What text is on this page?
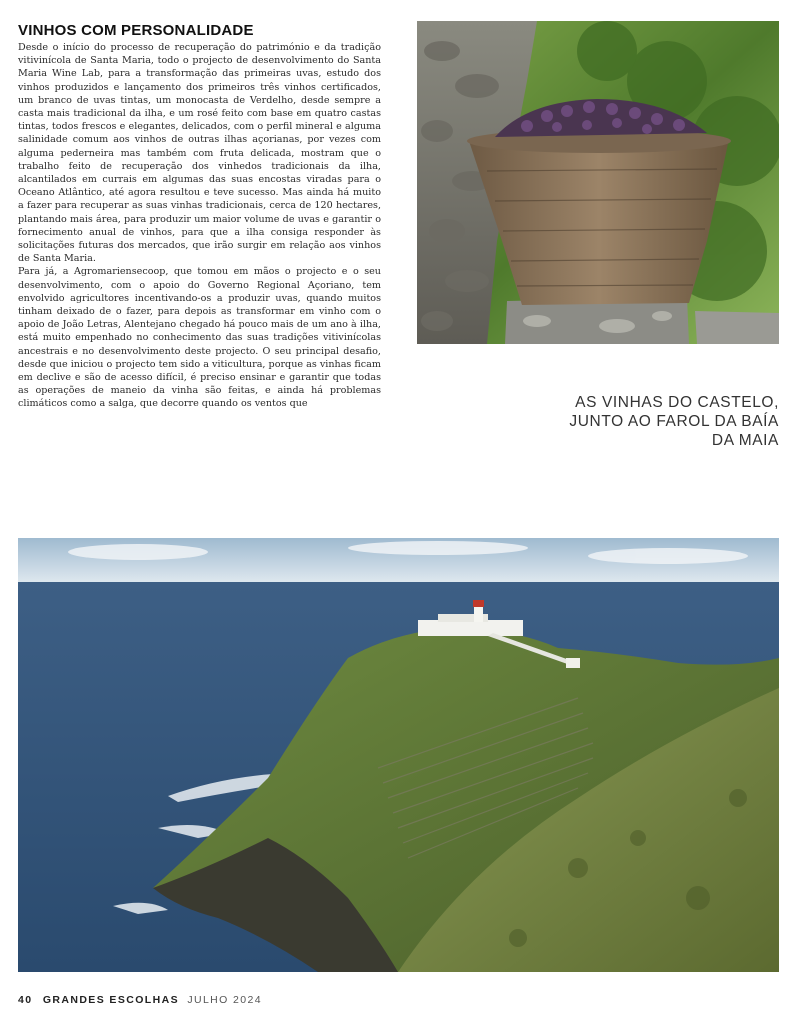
VINHOS COM PERSONALIDADE

Desde o início do processo de recuperação do património e da tradição vitivinícola de Santa Maria, todo o projecto de desenvolvimento do Santa Maria Wine Lab, para a transformação das primeiras uvas, estudo dos vinhos produzidos e lançamento dos primeiros três vinhos certificados, um branco de uvas tintas, um monocasta de Verdelho, desde sempre a casta mais tradicional da ilha, e um rosé feito com base em quatro castas tintas, todos frescos e elegantes, delicados, com o perfil mineral e alguma salinidade comum aos vinhos de outras ilhas açorianas, por vezes com alguma pederneira mas também com fruta delicada, mostram que o trabalho feito de recuperação dos vinhedos tradicionais da ilha, alcantilados em currais em algumas das suas encostas viradas para o Oceano Atlântico, até agora resultou e teve sucesso. Mas ainda há muito a fazer para recuperar as suas vinhas tradicionais, cerca de 120 hectares, plantando mais área, para produzir um maior volume de uvas e garantir o fornecimento anual de vinhos, para que a ilha consiga responder às solicitações futuras dos mercados, que irão surgir em relação aos vinhos de Santa Maria.

Para já, a Agromariensecoop, que tomou em mãos o projecto e o seu desenvolvimento, com o apoio do Governo Regional Açoriano, tem envolvido agricultores incentivando-os a produzir uvas, quando muitos tinham deixado de o fazer, para depois as transformar em vinho com o apoio de João Letras, Alentejano chegado há pouco mais de um ano à ilha, está muito empenhado no conhecimento das suas tradições vitivinícolas ancestrais e no desenvolvimento deste projecto. O seu principal desafio, desde que iniciou o projecto tem sido a viticultura, porque as vinhas ficam em declive e são de acesso difícil, é preciso ensinar e garantir que todas as operações de maneio da vinha são feitas, e ainda há problemas climáticos como a salga, que decorre quando os ventos que	AS VINHAS DO CASTELO, JUNTO AO FAROL DA BAÍA DA MAIA

40 GRANDES ESCOLHAS JULHO 2024
